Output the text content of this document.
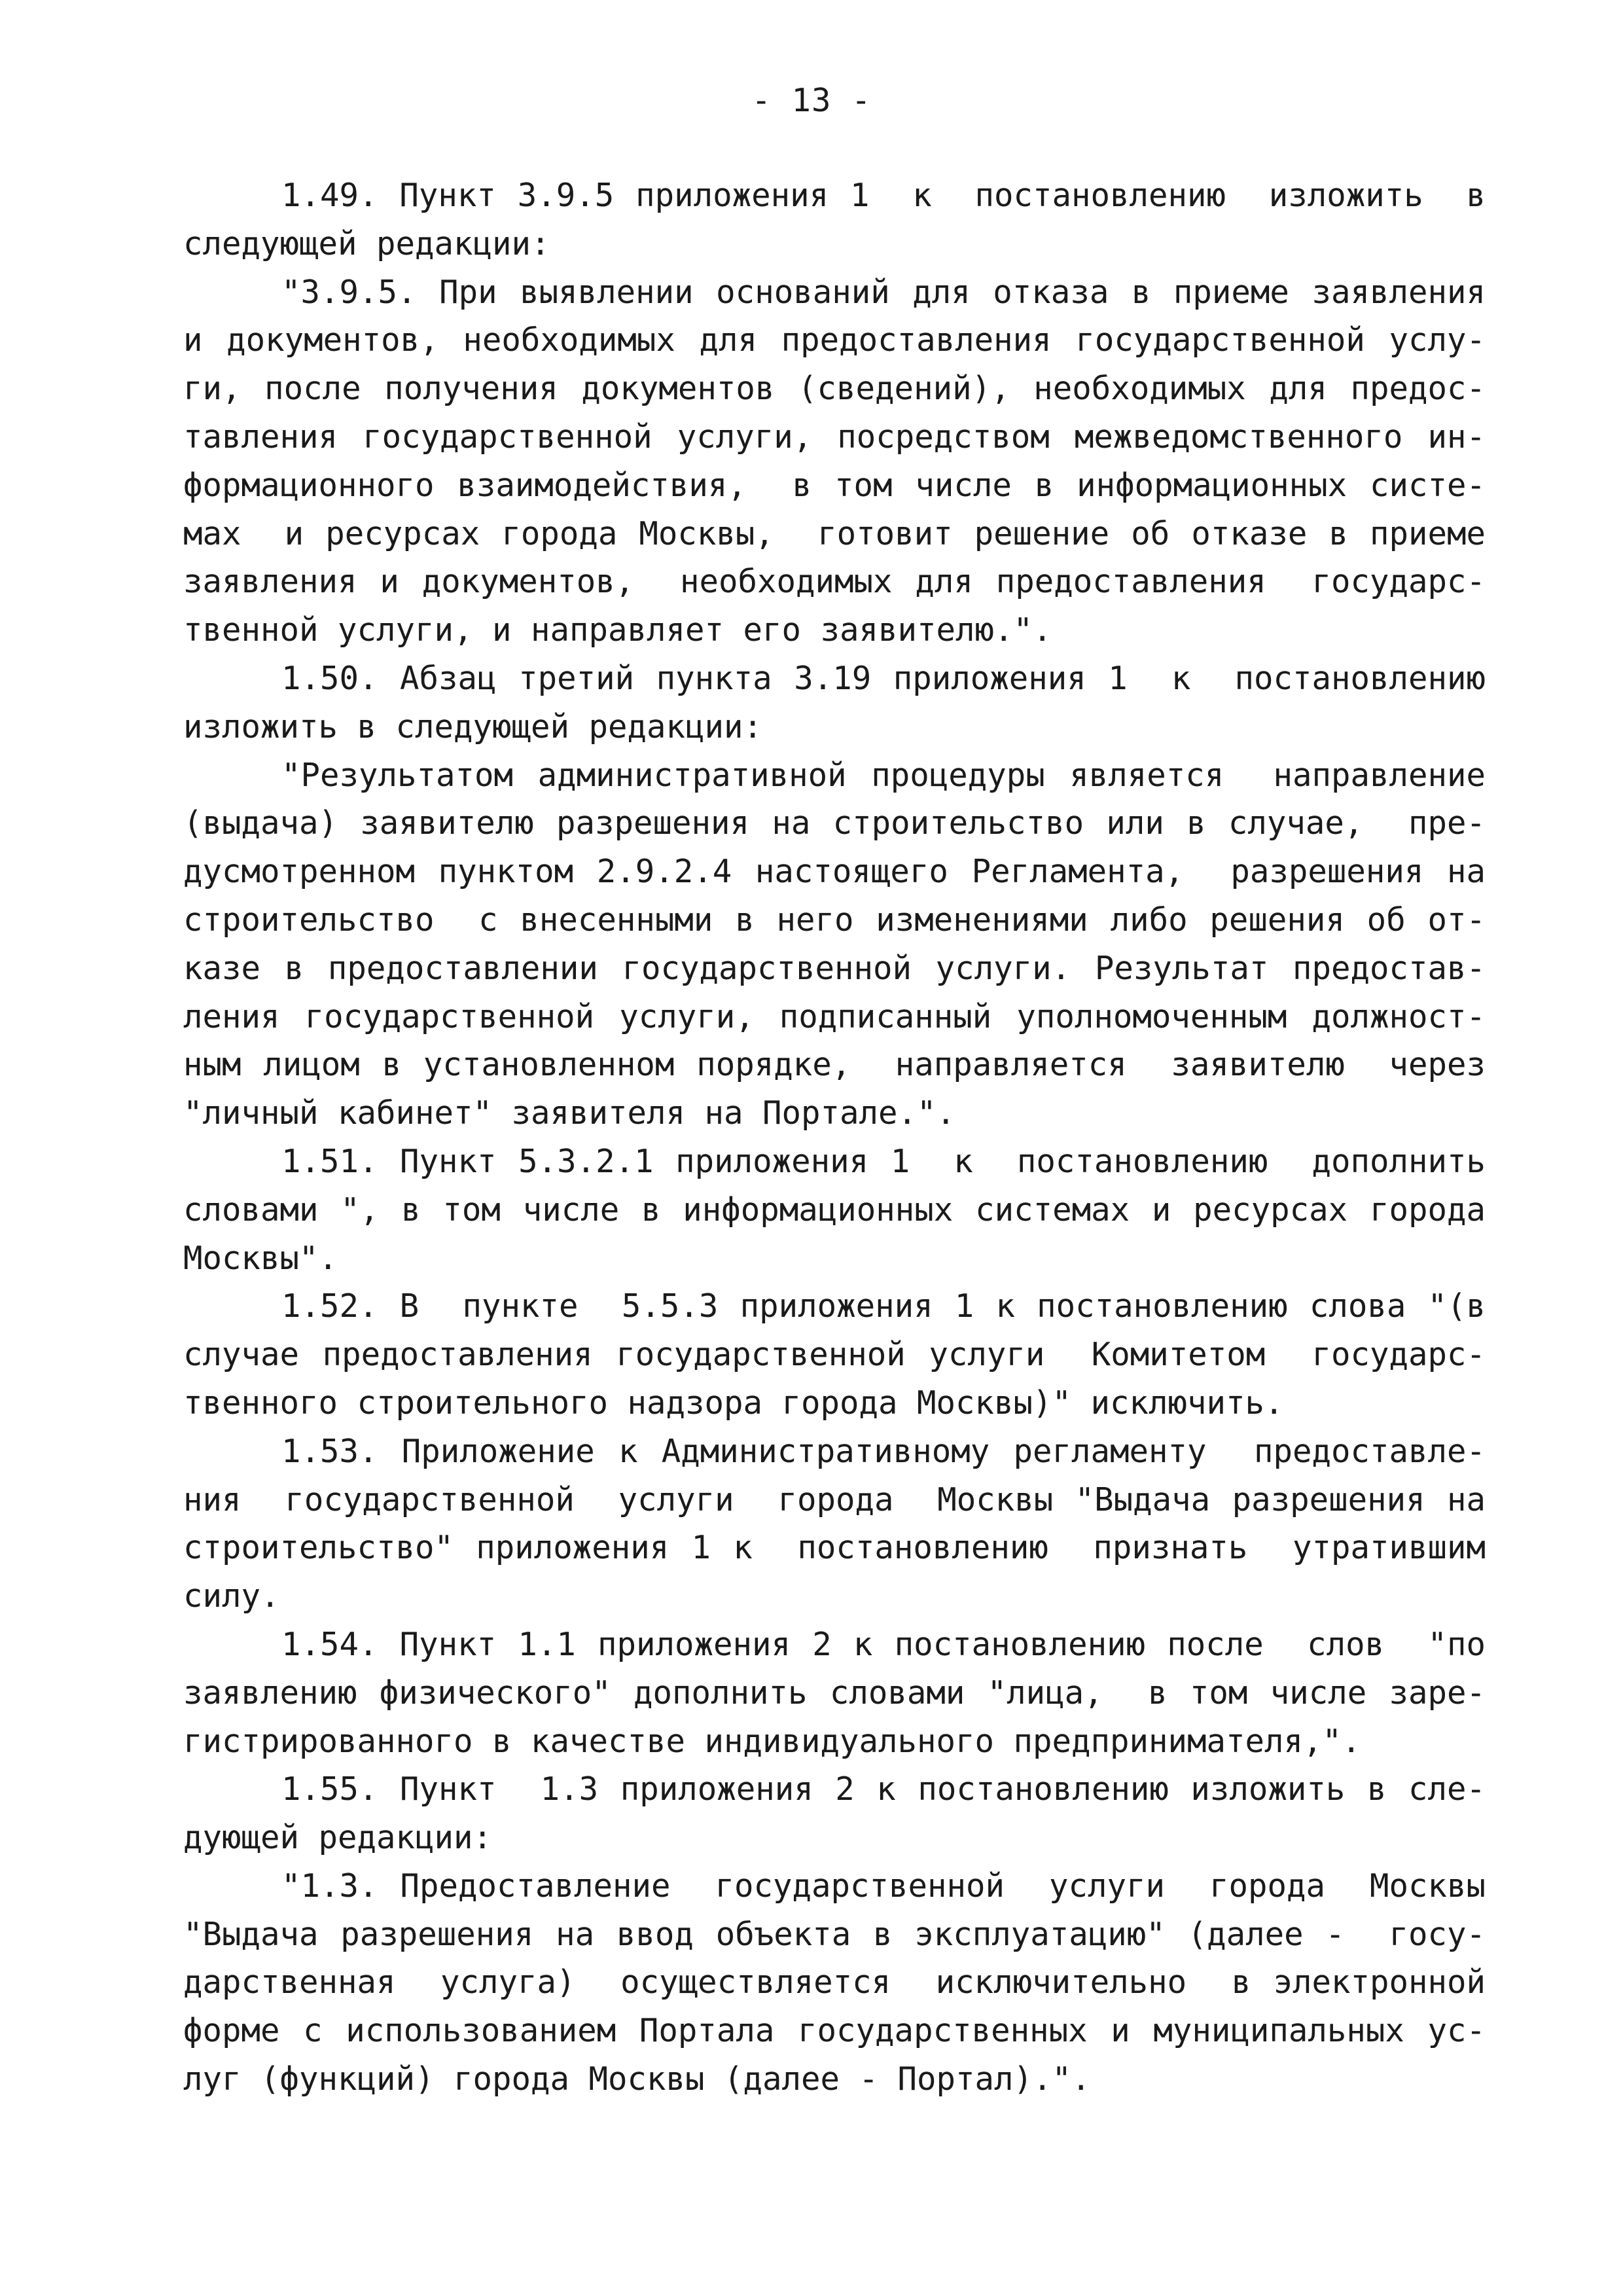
- 13 -
1.49. Пункт 3.9.5 приложения 1  к  постановлению  изложить  в
следующей редакции:
"3.9.5. При выявлении оснований для отказа в приеме заявления
и документов, необходимых для предоставления государственной услу-
ги, после получения документов (сведений), необходимых для предос-
тавления государственной услуги, посредством межведомственного ин-
формационного взаимодействия,  в том числе в информационных систе-
мах  и ресурсах города Москвы,  готовит решение об отказе в приеме
заявления и документов,  необходимых для предоставления  государс-
твенной услуги, и направляет его заявителю.".
1.50. Абзац третий пункта 3.19 приложения 1  к  постановлению
изложить в следующей редакции:
"Результатом административной процедуры является  направление
(выдача) заявителю разрешения на строительство или в случае,  пре-
дусмотренном пунктом 2.9.2.4 настоящего Регламента,  разрешения на
строительство  с внесенными в него изменениями либо решения об от-
казе в предоставлении государственной услуги. Результат предостав-
ления государственной услуги, подписанный уполномоченным должност-
ным лицом в установленном порядке,  направляется  заявителю  через
"личный кабинет" заявителя на Портале.".
1.51. Пункт 5.3.2.1 приложения 1  к  постановлению  дополнить
словами ", в том числе в информационных системах и ресурсах города
Москвы".
1.52. В  пункте  5.5.3 приложения 1 к постановлению слова "(в
случае предоставления государственной услуги  Комитетом  государс-
твенного строительного надзора города Москвы)" исключить.
1.53. Приложение к Административному регламенту  предоставле-
ния  государственной  услуги  города  Москвы "Выдача разрешения на
строительство" приложения 1 к  постановлению  признать  утратившим
силу.
1.54. Пункт 1.1 приложения 2 к постановлению после  слов  "по
заявлению физического" дополнить словами "лица,  в том числе заре-
гистрированного в качестве индивидуального предпринимателя,".
1.55. Пункт  1.3 приложения 2 к постановлению изложить в сле-
дующей редакции:
"1.3. Предоставление  государственной  услуги  города  Москвы
"Выдача разрешения на ввод объекта в эксплуатацию" (далее -  госу-
дарственная  услуга)  осуществляется  исключительно  в электронной
форме с использованием Портала государственных и муниципальных ус-
луг (функций) города Москвы (далее - Портал).".
